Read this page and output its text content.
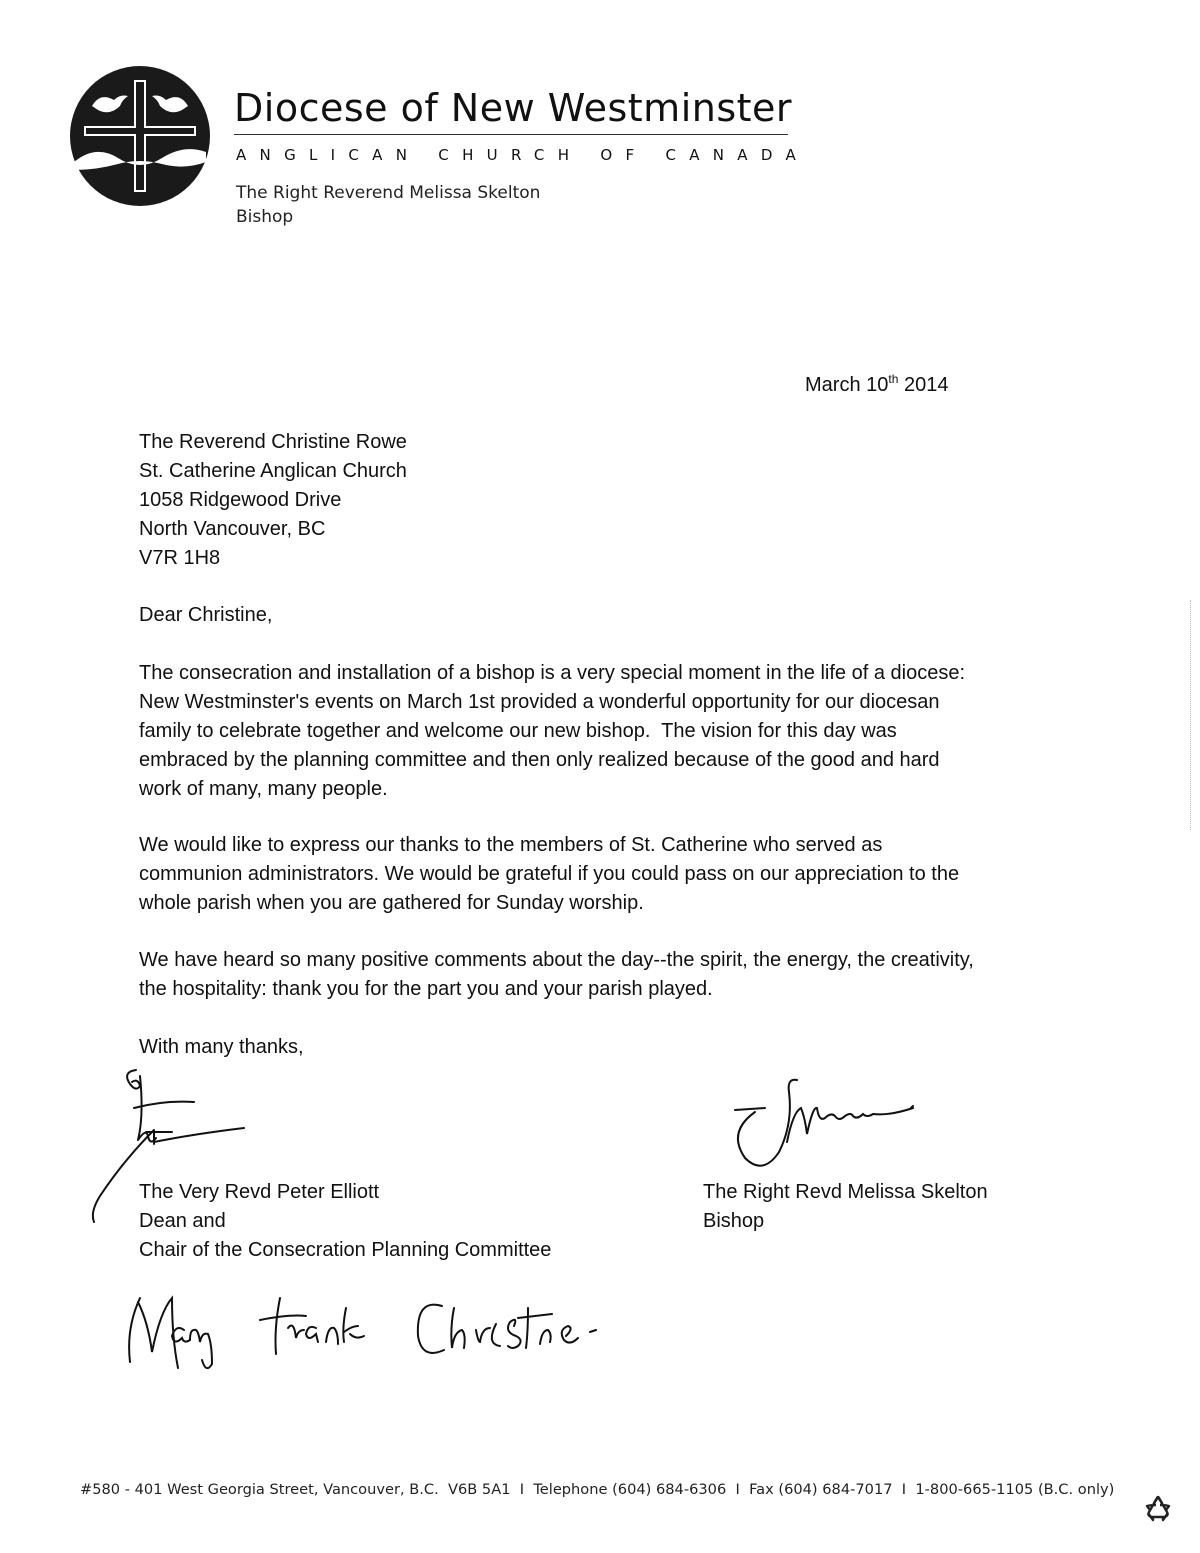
Diocese of New Westminster
ANGLICAN CHURCH OF CANADA
The Right Reverend Melissa Skelton
Bishop
March 10th 2014
The Reverend Christine Rowe
St. Catherine Anglican Church
1058 Ridgewood Drive
North Vancouver, BC
V7R 1H8
Dear Christine,
The consecration and installation of a bishop is a very special moment in the life of a diocese:
New Westminster's events on March 1st provided a wonderful opportunity for our diocesan
family to celebrate together and welcome our new bishop.  The vision for this day was
embraced by the planning committee and then only realized because of the good and hard
work of many, many people.
We would like to express our thanks to the members of St. Catherine who served as
communion administrators. We would be grateful if you could pass on our appreciation to the
whole parish when you are gathered for Sunday worship.
We have heard so many positive comments about the day--the spirit, the energy, the creativity,
the hospitality: thank you for the part you and your parish played.
With many thanks,
The Very Revd Peter Elliott
Dean and
Chair of the Consecration Planning Committee
The Right Revd Melissa Skelton
Bishop
#580 - 401 West Georgia Street, Vancouver, B.C.  V6B 5A1  I  Telephone (604) 684-6306  I  Fax (604) 684-7017  I  1-800-665-1105 (B.C. only)
